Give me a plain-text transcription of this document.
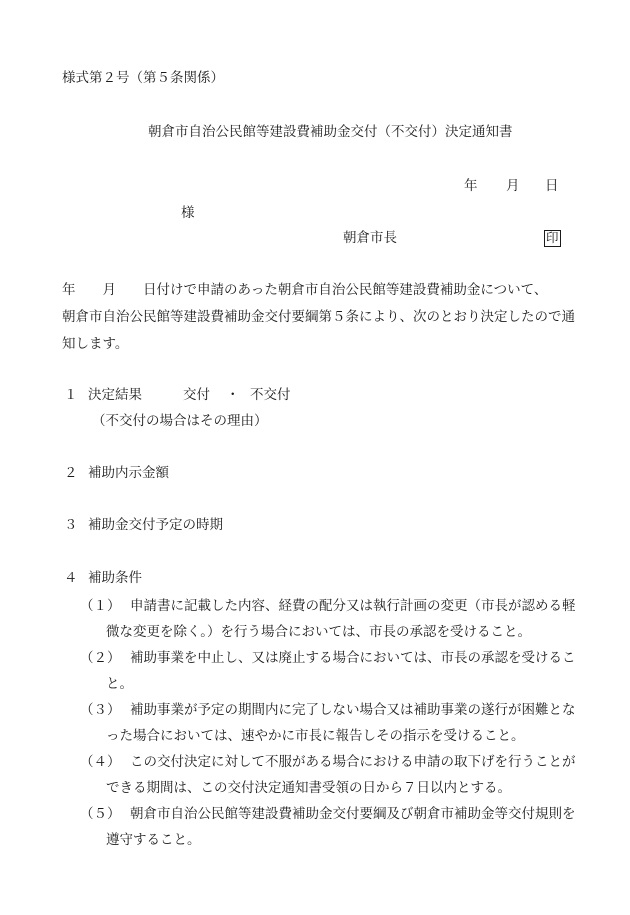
様式第２号（第５条関係）
朝倉市自治公民館等建設費補助金交付（不交付）決定通知書
年 月 日
様
朝倉市長	印
年　　月　　日付けで申請のあった朝倉市自治公民館等建設費補助金について、
朝倉市自治公民館等建設費補助金交付要綱第５条により、次のとおり決定したので通
知します。
１ 決定結果	交付 ・ 不交付
（不交付の場合はその理由）
２ 補助内示金額
３ 補助金交付予定の時期
４ 補助条件
（１） 申請書に記載した内容、経費の配分又は執行計画の変更（市長が認める軽
微な変更を除く。）を行う場合においては、市長の承認を受けること。
（２） 補助事業を中止し、又は廃止する場合においては、市長の承認を受けるこ
と。
（３） 補助事業が予定の期間内に完了しない場合又は補助事業の遂行が困難とな
った場合においては、速やかに市長に報告しその指示を受けること。
（４） この交付決定に対して不服がある場合における申請の取下げを行うことが
できる期間は、この交付決定通知書受領の日から７日以内とする。
（５） 朝倉市自治公民館等建設費補助金交付要綱及び朝倉市補助金等交付規則を
遵守すること。
